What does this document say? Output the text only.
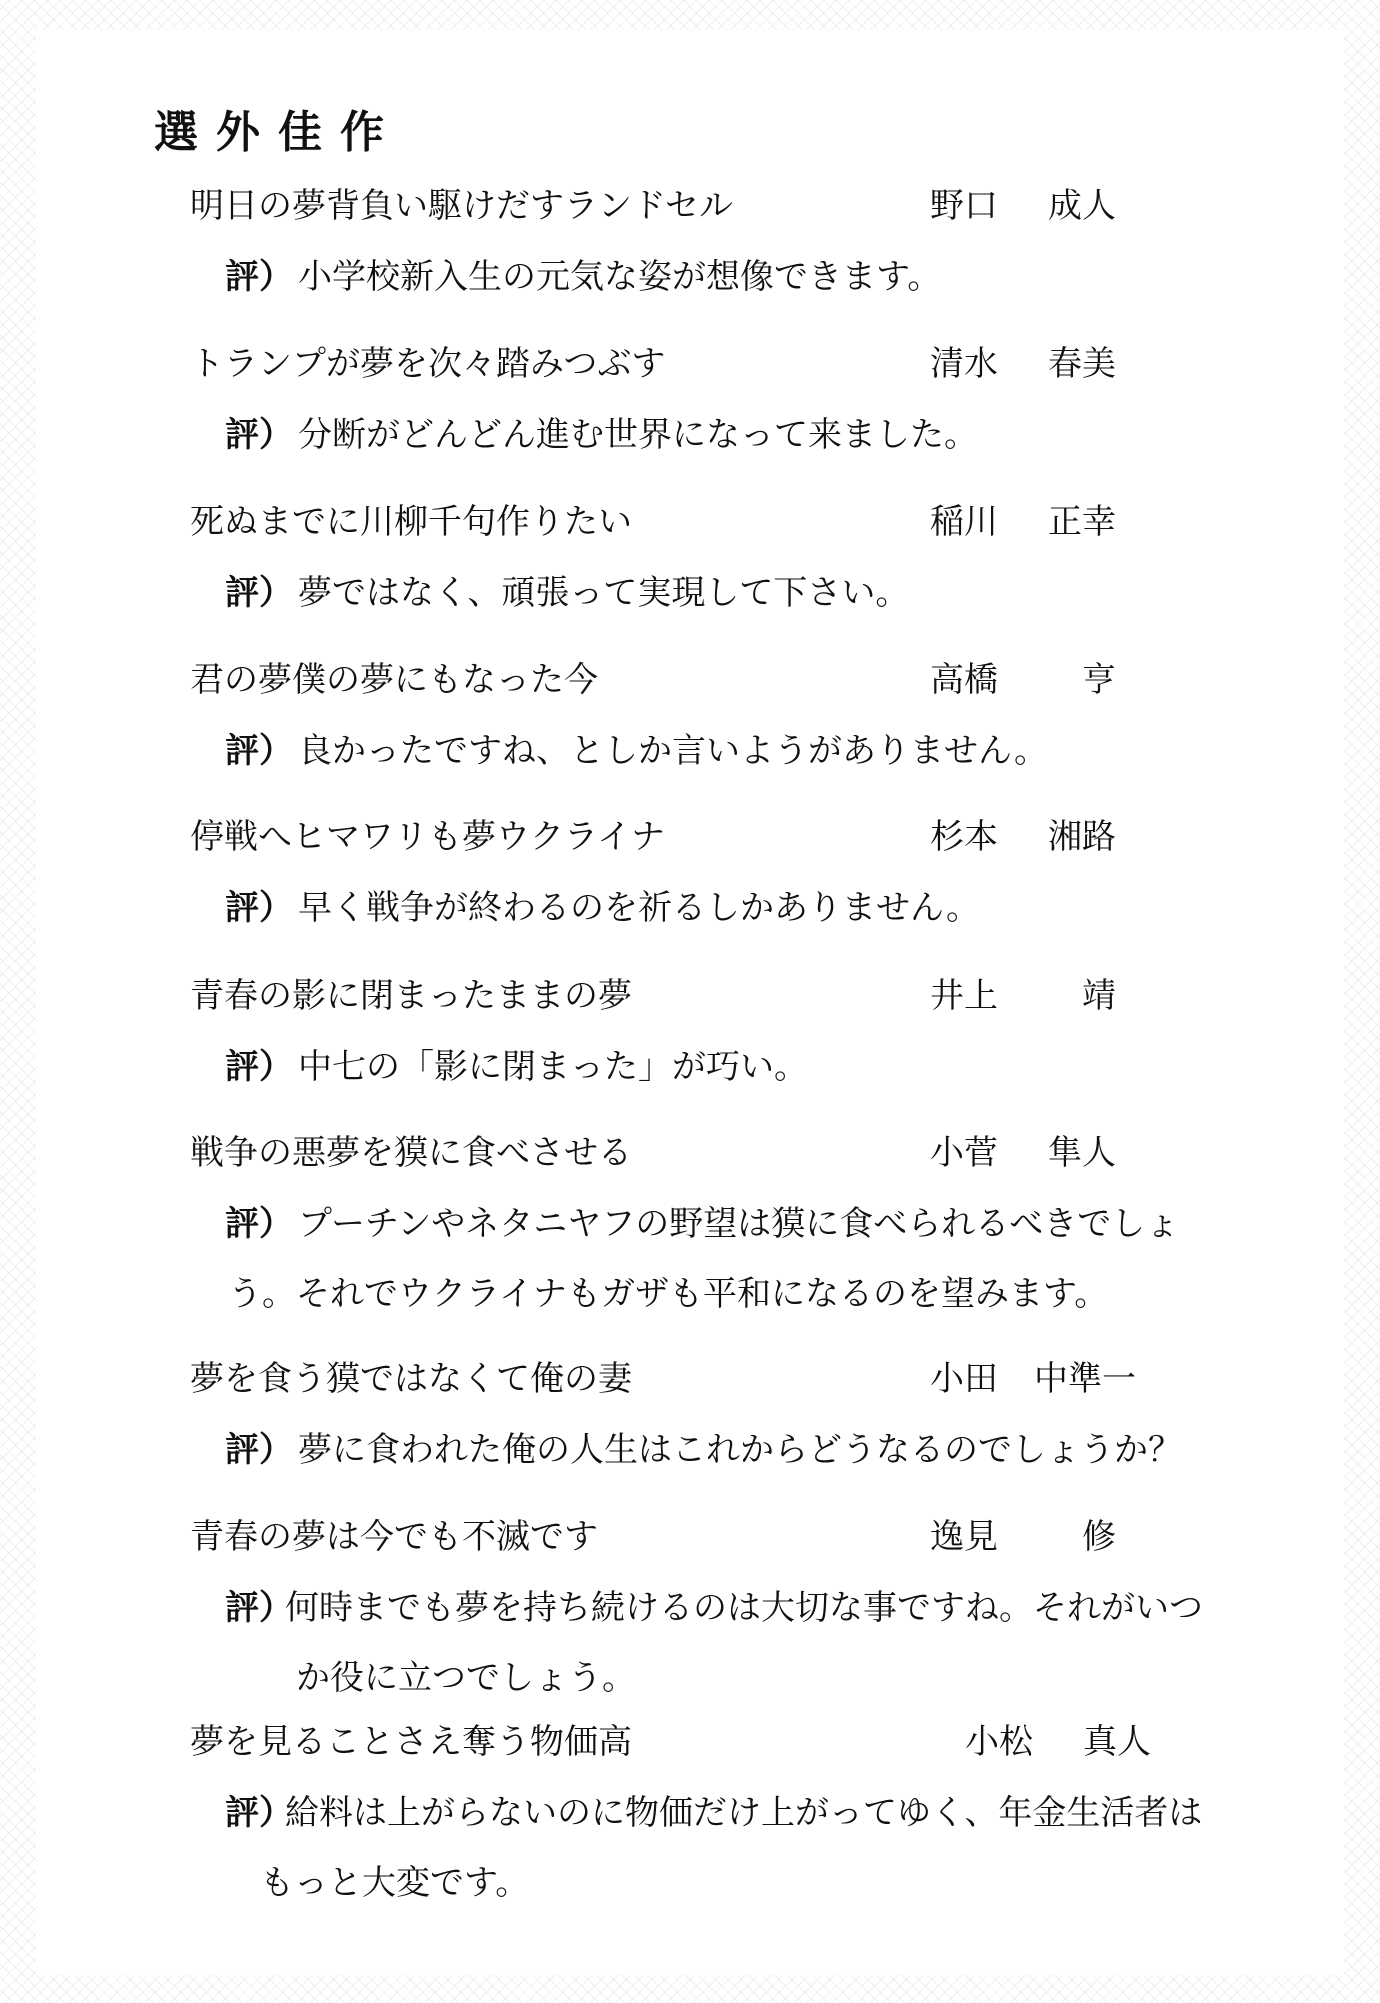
選外佳作
明日の夢背負い駆けだすランドセル	野口 成人
評） 小学校新入生の元気な姿が想像できます。
トランプが夢を次々踏みつぶす	清水 春美
評） 分断がどんどん進む世界になって来ました。
死ぬまでに川柳千句作りたい	稲川 正幸
評） 夢ではなく、頑張って実現して下さい。
君の夢僕の夢にもなった今	高橋 亨
評） 良かったですね、としか言いようがありません。
停戦へヒマワリも夢ウクライナ	杉本 湘路
評） 早く戦争が終わるのを祈るしかありません。
青春の影に閉まったままの夢	井上 靖
評） 中七の「影に閉まった」が巧い。
戦争の悪夢を獏に食べさせる	小菅 隼人
評） プーチンやネタニヤフの野望は獏に食べられるべきでしょ
う。それでウクライナもガザも平和になるのを望みます。
夢を食う獏ではなくて俺の妻	小田 中準一
評） 夢に食われた俺の人生はこれからどうなるのでしょうか？
青春の夢は今でも不滅です	逸見 修
評）
何時までも夢を持ち続けるのは大切な事ですね。それがいつ
か役に立つでしょう。
夢を見ることさえ奪う物価高	小松 真人
評）
給料は上がらないのに物価だけ上がってゆく、年金生活者は
もっと大変です。
